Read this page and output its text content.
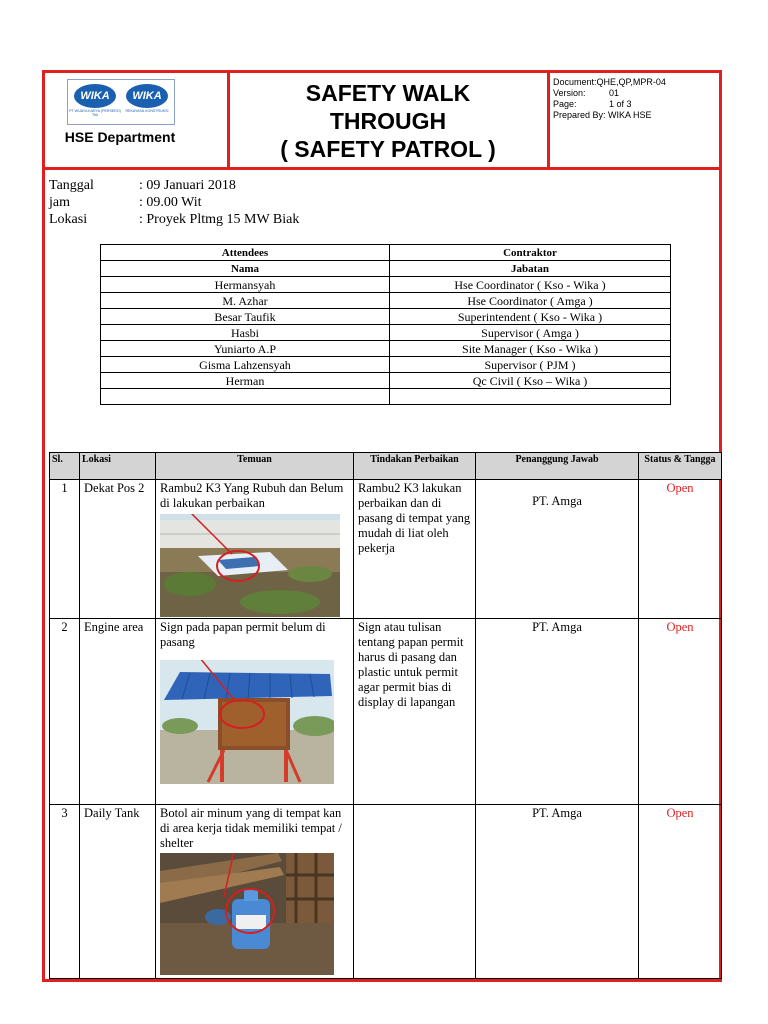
WIKA
PT WIJAYA KARYA (PERSERO) Tbk
WIKA
REKAYASA KONSTRUKSI
HSE Department
SAFETY WALK
THROUGH
( SAFETY PATROL )
Document:QHE,QP,MPR-04
Version:	01
Page:	1 of 3
Prepared By: WIKA HSE
Tanggal	: 09 Januari 2018
jam	: 09.00 Wit
Lokasi	: Proyek Pltmg 15 MW Biak
Attendees	Contraktor
Nama	Jabatan
Hermansyah	Hse Coordinator ( Kso - Wika )
M. Azhar	Hse Coordinator ( Amga )
Besar Taufik	Superintendent ( Kso - Wika )
Hasbi	Supervisor ( Amga )
Yuniarto A.P	Site Manager ( Kso - Wika )
Gisma Lahzensyah	Supervisor ( PJM )
Herman	Qc Civil ( Kso – Wika )

Sl.	Lokasi	Temuan	Tindakan Perbaikan	Penanggung Jawab	Status & Tangga
1	Dekat Pos 2	Rambu2 K3 Yang Rubuh dan Belum di lakukan perbaikan	Rambu2 K3 lakukan perbaikan dan di pasang di tempat yang mudah di liat oleh pekerja	PT. Amga	Open
2	Engine area	Sign pada papan permit belum di pasang	Sign atau tulisan tentang papan permit harus di pasang dan plastic untuk permit agar permit bias di display di lapangan	PT. Amga	Open
3	Daily Tank	Botol air minum yang di tempat kan di area kerja tidak memiliki tempat / shelter		PT. Amga	Open
